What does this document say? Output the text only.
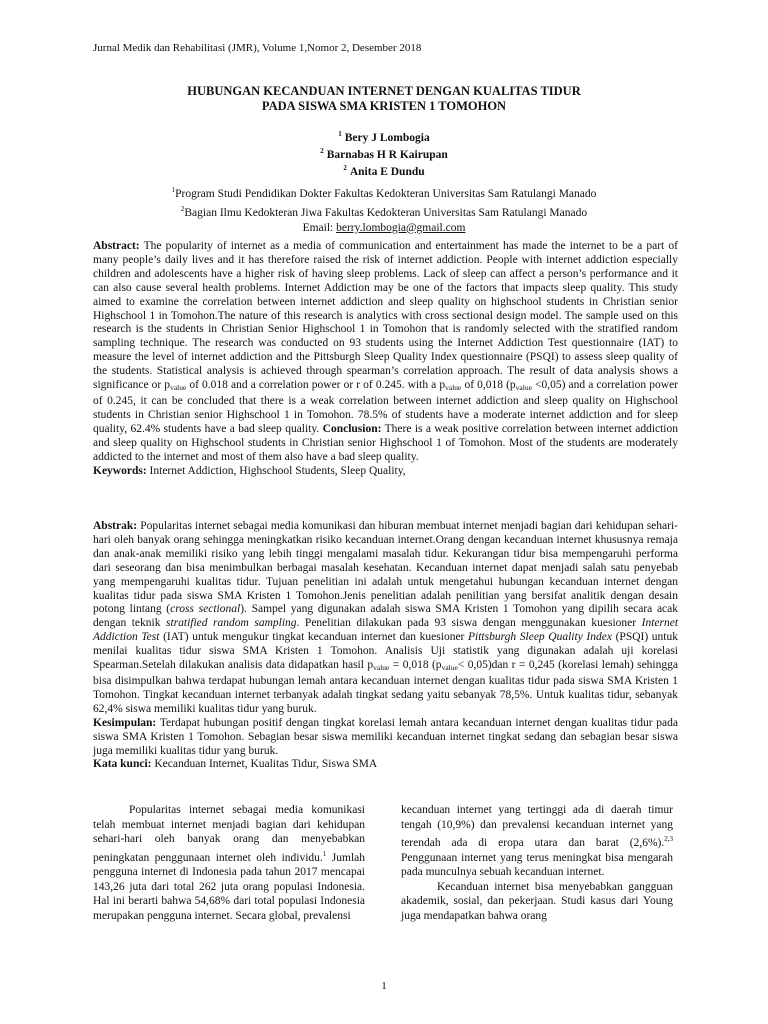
Jurnal Medik dan Rehabilitasi (JMR), Volume 1,Nomor 2, Desember 2018
HUBUNGAN KECANDUAN INTERNET DENGAN KUALITAS TIDUR
PADA SISWA SMA KRISTEN 1 TOMOHON
$^1$ Bery J Lombogia
$^2$ Barnabas H R Kairupan
$^2$ Anita E Dundu
$^1$Program Studi Pendidikan Dokter Fakultas Kedokteran Universitas Sam Ratulangi Manado
$^2$Bagian Ilmu Kedokteran Jiwa Fakultas Kedokteran Universitas Sam Ratulangi Manado
Email: berry.lombogia@gmail.com

Abstract: The popularity of internet as a media of communication and entertainment has made the internet to be a part of many people’s daily lives and it has therefore raised the risk of internet addiction. People with internet addiction especially children and adolescents have a higher risk of having sleep problems. Lack of sleep can affect a person’s performance and it can also cause several health problems. Internet Addiction may be one of the factors that impacts sleep quality. This study aimed to examine the correlation between internet addiction and sleep quality on highschool students in Christian senior Highschool 1 in Tomohon.The nature of this research is analytics with cross sectional design model. The sample used on this research is the students in Christian Senior Highschool 1 in Tomohon that is randomly selected with the stratified random sampling technique. The research was conducted on 93 students using the Internet Addiction Test questionnaire (IAT) to measure the level of internet addiction and the Pittsburgh Sleep Quality Index questionnaire (PSQI) to assess sleep quality of the students. Statistical analysis is achieved through spearman’s correlation approach. The result of data analysis shows a significance or $p_{value}$ of 0.018 and a correlation power or r of 0.245. with a $p_{value}$ of 0,018 $(p_{value} <0,05)$ and a correlation power of 0.245, it can be concluded that there is a weak correlation between internet addiction and sleep quality on Highschool students in Christian senior Highschool 1 in Tomohon. 78.5% of students have a moderate internet addiction and for sleep quality, 62.4% students have a bad sleep quality. Conclusion: There is a weak positive correlation between internet addiction and sleep quality on Highschool students in Christian senior Highschool 1 of Tomohon. Most of the students are moderately addicted to the internet and most of them also have a bad sleep quality.

Keywords: Internet Addiction, Highschool Students, Sleep Quality,

Abstrak: Popularitas internet sebagai media komunikasi dan hiburan membuat internet menjadi bagian dari kehidupan sehari-hari oleh banyak orang sehingga meningkatkan risiko kecanduan internet.Orang dengan kecanduan internet khususnya remaja dan anak-anak memiliki risiko yang lebih tinggi mengalami masalah tidur. Kekurangan tidur bisa mempengaruhi performa dari seseorang dan bisa menimbulkan berbagai masalah kesehatan. Kecanduan internet dapat menjadi salah satu penyebab yang mempengaruhi kualitas tidur. Tujuan penelitian ini adalah untuk mengetahui hubungan kecanduan internet dengan kualitas tidur pada siswa SMA Kristen 1 Tomohon.Jenis penelitian adalah penilitian yang bersifat analitik dengan desain potong lintang (cross sectional). Sampel yang digunakan adalah siswa SMA Kristen 1 Tomohon yang dipilih secara acak dengan teknik stratified random sampling. Penelitian dilakukan pada 93 siswa dengan menggunakan kuesioner Internet Addiction Test (IAT) untuk mengukur tingkat kecanduan internet dan kuesioner Pittsburgh Sleep Quality Index (PSQI) untuk menilai kualitas tidur siswa SMA Kristen 1 Tomohon. Analisis Uji statistik yang digunakan adalah uji korelasi Spearman.Setelah dilakukan analisis data didapatkan hasil $p_{value} = 0,018$ $(p_{value}< 0,05)dan$ r = 0,245 (korelasi lemah) sehingga bisa disimpulkan bahwa terdapat hubungan lemah antara kecanduan internet dengan kualitas tidur pada siswa SMA Kristen 1 Tomohon. Tingkat kecanduan internet terbanyak adalah tingkat sedang yaitu sebanyak 78,5%. Untuk kualitas tidur, sebanyak 62,4% siswa memiliki kualitas tidur yang buruk.

Kesimpulan: Terdapat hubungan positif dengan tingkat korelasi lemah antara kecanduan internet dengan kualitas tidur pada siswa SMA Kristen 1 Tomohon. Sebagian besar siswa memiliki kecanduan internet tingkat sedang dan sebagian besar siswa juga memiliki kualitas tidur yang buruk.

Kata kunci: Kecanduan Internet, Kualitas Tidur, Siswa SMA

Popularitas internet sebagai media komunikasi telah membuat internet menjadi bagian dari kehidupan sehari-hari oleh banyak orang dan menyebabkan peningkatan penggunaan internet oleh individu.$^1$ Jumlah pengguna internet di Indonesia pada tahun 2017 mencapai 143,26 juta dari total 262 juta orang populasi Indonesia. Hal ini berarti bahwa 54,68% dari total populasi Indonesia merupakan pengguna internet. Secara global, prevalensi

kecanduan internet yang tertinggi ada di daerah timur tengah (10,9%) dan prevalensi kecanduan internet yang terendah ada di eropa utara dan barat (2,6%).$^{2,3}$ Penggunaan internet yang terus meningkat bisa mengarah pada munculnya sebuah kecanduan internet.

Kecanduan internet bisa menyebabkan gangguan akademik, sosial, dan pekerjaan. Studi kasus dari Young juga mendapatkan bahwa orang

1
